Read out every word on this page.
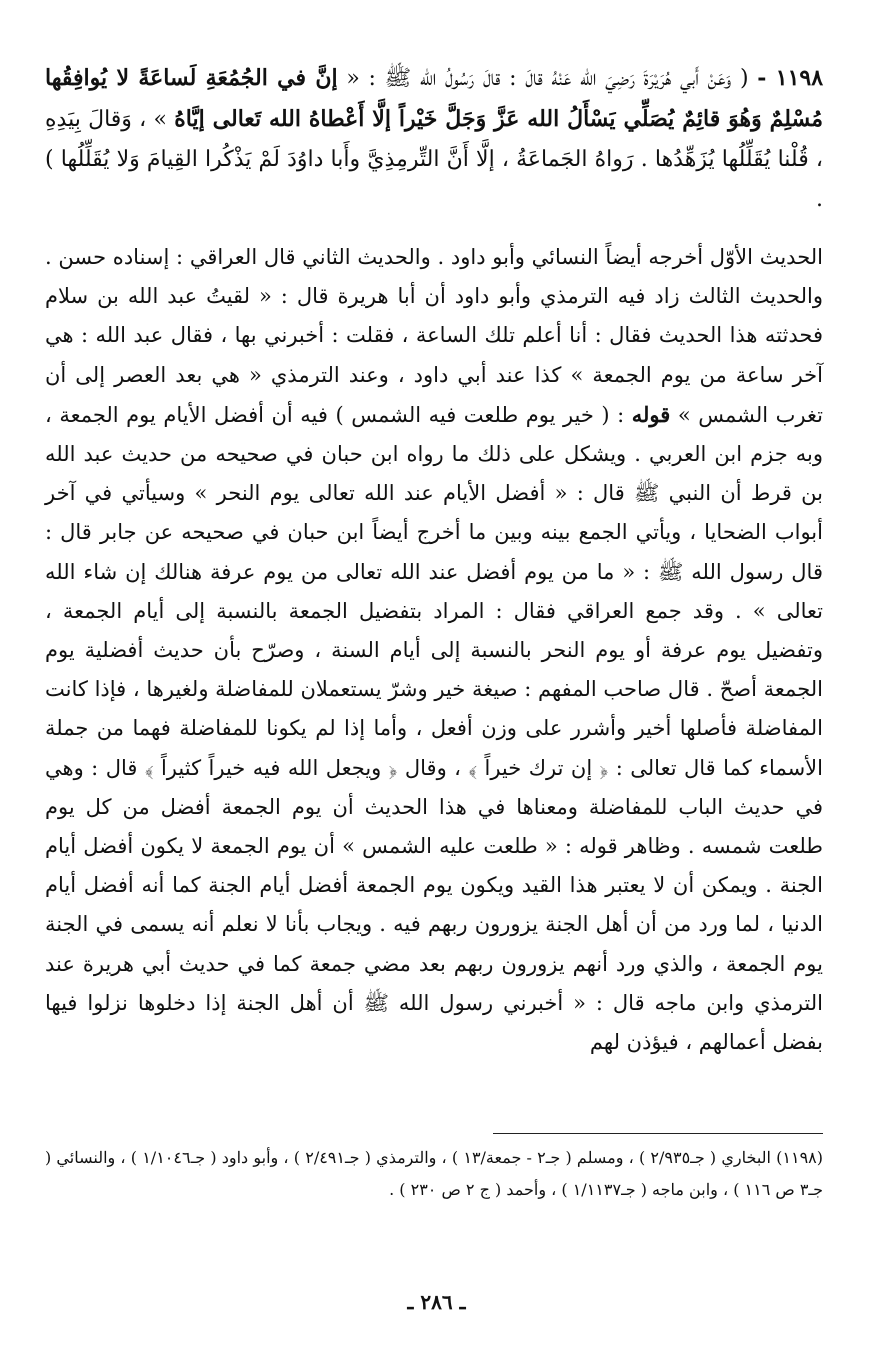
١١٩٨ - ( وَعَنْ أَبي هُرَيْرَةَ رَضِيَ الله عَنْهُ قالَ : قالَ رَسُولُ الله ﷺ : « إنَّ في الجُمُعَةِ لَساعَةً لا يُوافِقُها مُسْلِمٌ وَهُوَ قائِمٌ يُصَلِّي يَسْأَلُ الله عَزَّ وَجَلَّ خَيْراً إلَّا أَعْطاهُ الله تَعالى إيَّاهُ » ، وَقالَ بِيَدِهِ ، قُلْنا يُقَلِّلُها يُزَهِّدُها . رَواهُ الجَماعَةُ ، إلَّا أَنَّ التِّرمِذِيَّ وأَبا داوُدَ لَمْ يَذْكُرا القِيامَ وَلا يُقَلِّلُها ) .

الحديث الأوّل أخرجه أيضاً النسائي وأبو داود . والحديث الثاني قال العراقي : إسناده حسن . والحديث الثالث زاد فيه الترمذي وأبو داود أن أبا هريرة قال : « لقيتُ عبد الله بن سلام فحدثته هذا الحديث فقال : أنا أعلم تلك الساعة ، فقلت : أخبرني بها ، فقال عبد الله : هي آخر ساعة من يوم الجمعة » كذا عند أبي داود ، وعند الترمذي « هي بعد العصر إلى أن تغرب الشمس » قوله : ( خير يوم طلعت فيه الشمس ) فيه أن أفضل الأيام يوم الجمعة ، وبه جزم ابن العربي . ويشكل على ذلك ما رواه ابن حبان في صحيحه من حديث عبد الله بن قرط أن النبي ﷺ قال : « أفضل الأيام عند الله تعالى يوم النحر » وسيأتي في آخر أبواب الضحايا ، ويأتي الجمع بينه وبين ما أخرج أيضاً ابن حبان في صحيحه عن جابر قال : قال رسول الله ﷺ : « ما من يوم أفضل عند الله تعالى من يوم عرفة هنالك إن شاء الله تعالى » . وقد جمع العراقي فقال : المراد بتفضيل الجمعة بالنسبة إلى أيام الجمعة ، وتفضيل يوم عرفة أو يوم النحر بالنسبة إلى أيام السنة ، وصرّح بأن حديث أفضلية يوم الجمعة أصحّ . قال صاحب المفهم : صيغة خير وشرّ يستعملان للمفاضلة ولغيرها ، فإذا كانت المفاضلة فأصلها أخير وأشرر على وزن أفعل ، وأما إذا لم يكونا للمفاضلة فهما من جملة الأسماء كما قال تعالى : ﴿ إن ترك خيراً ﴾ ، وقال ﴿ ويجعل الله فيه خيراً كثيراً ﴾ قال : وهي في حديث الباب للمفاضلة ومعناها في هذا الحديث أن يوم الجمعة أفضل من كل يوم طلعت شمسه . وظاهر قوله : « طلعت عليه الشمس » أن يوم الجمعة لا يكون أفضل أيام الجنة . ويمكن أن لا يعتبر هذا القيد ويكون يوم الجمعة أفضل أيام الجنة كما أنه أفضل أيام الدنيا ، لما ورد من أن أهل الجنة يزورون ربهم فيه . ويجاب بأنا لا نعلم أنه يسمى في الجنة يوم الجمعة ، والذي ورد أنهم يزورون ربهم بعد مضي جمعة كما في حديث أبي هريرة عند الترمذي وابن ماجه قال : « أخبرني رسول الله ﷺ أن أهل الجنة إذا دخلوها نزلوا فيها بفضل أعمالهم ، فيؤذن لهم
(١١٩٨) البخاري ( جـ٢/٩٣٥ ) ، ومسلم ( جـ٢ - جمعة/١٣ ) ، والترمذي ( جـ٢/٤٩١ ) ، وأبو داود ( جـ١/١٠٤٦ ) ، والنسائي ( جـ٣ ص ١١٦ ) ، وابن ماجه ( جـ١/١١٣٧ ) ، وأحمد ( ج ٢ ص ٢٣٠ ) .
ـ ٢٨٦ ـ
